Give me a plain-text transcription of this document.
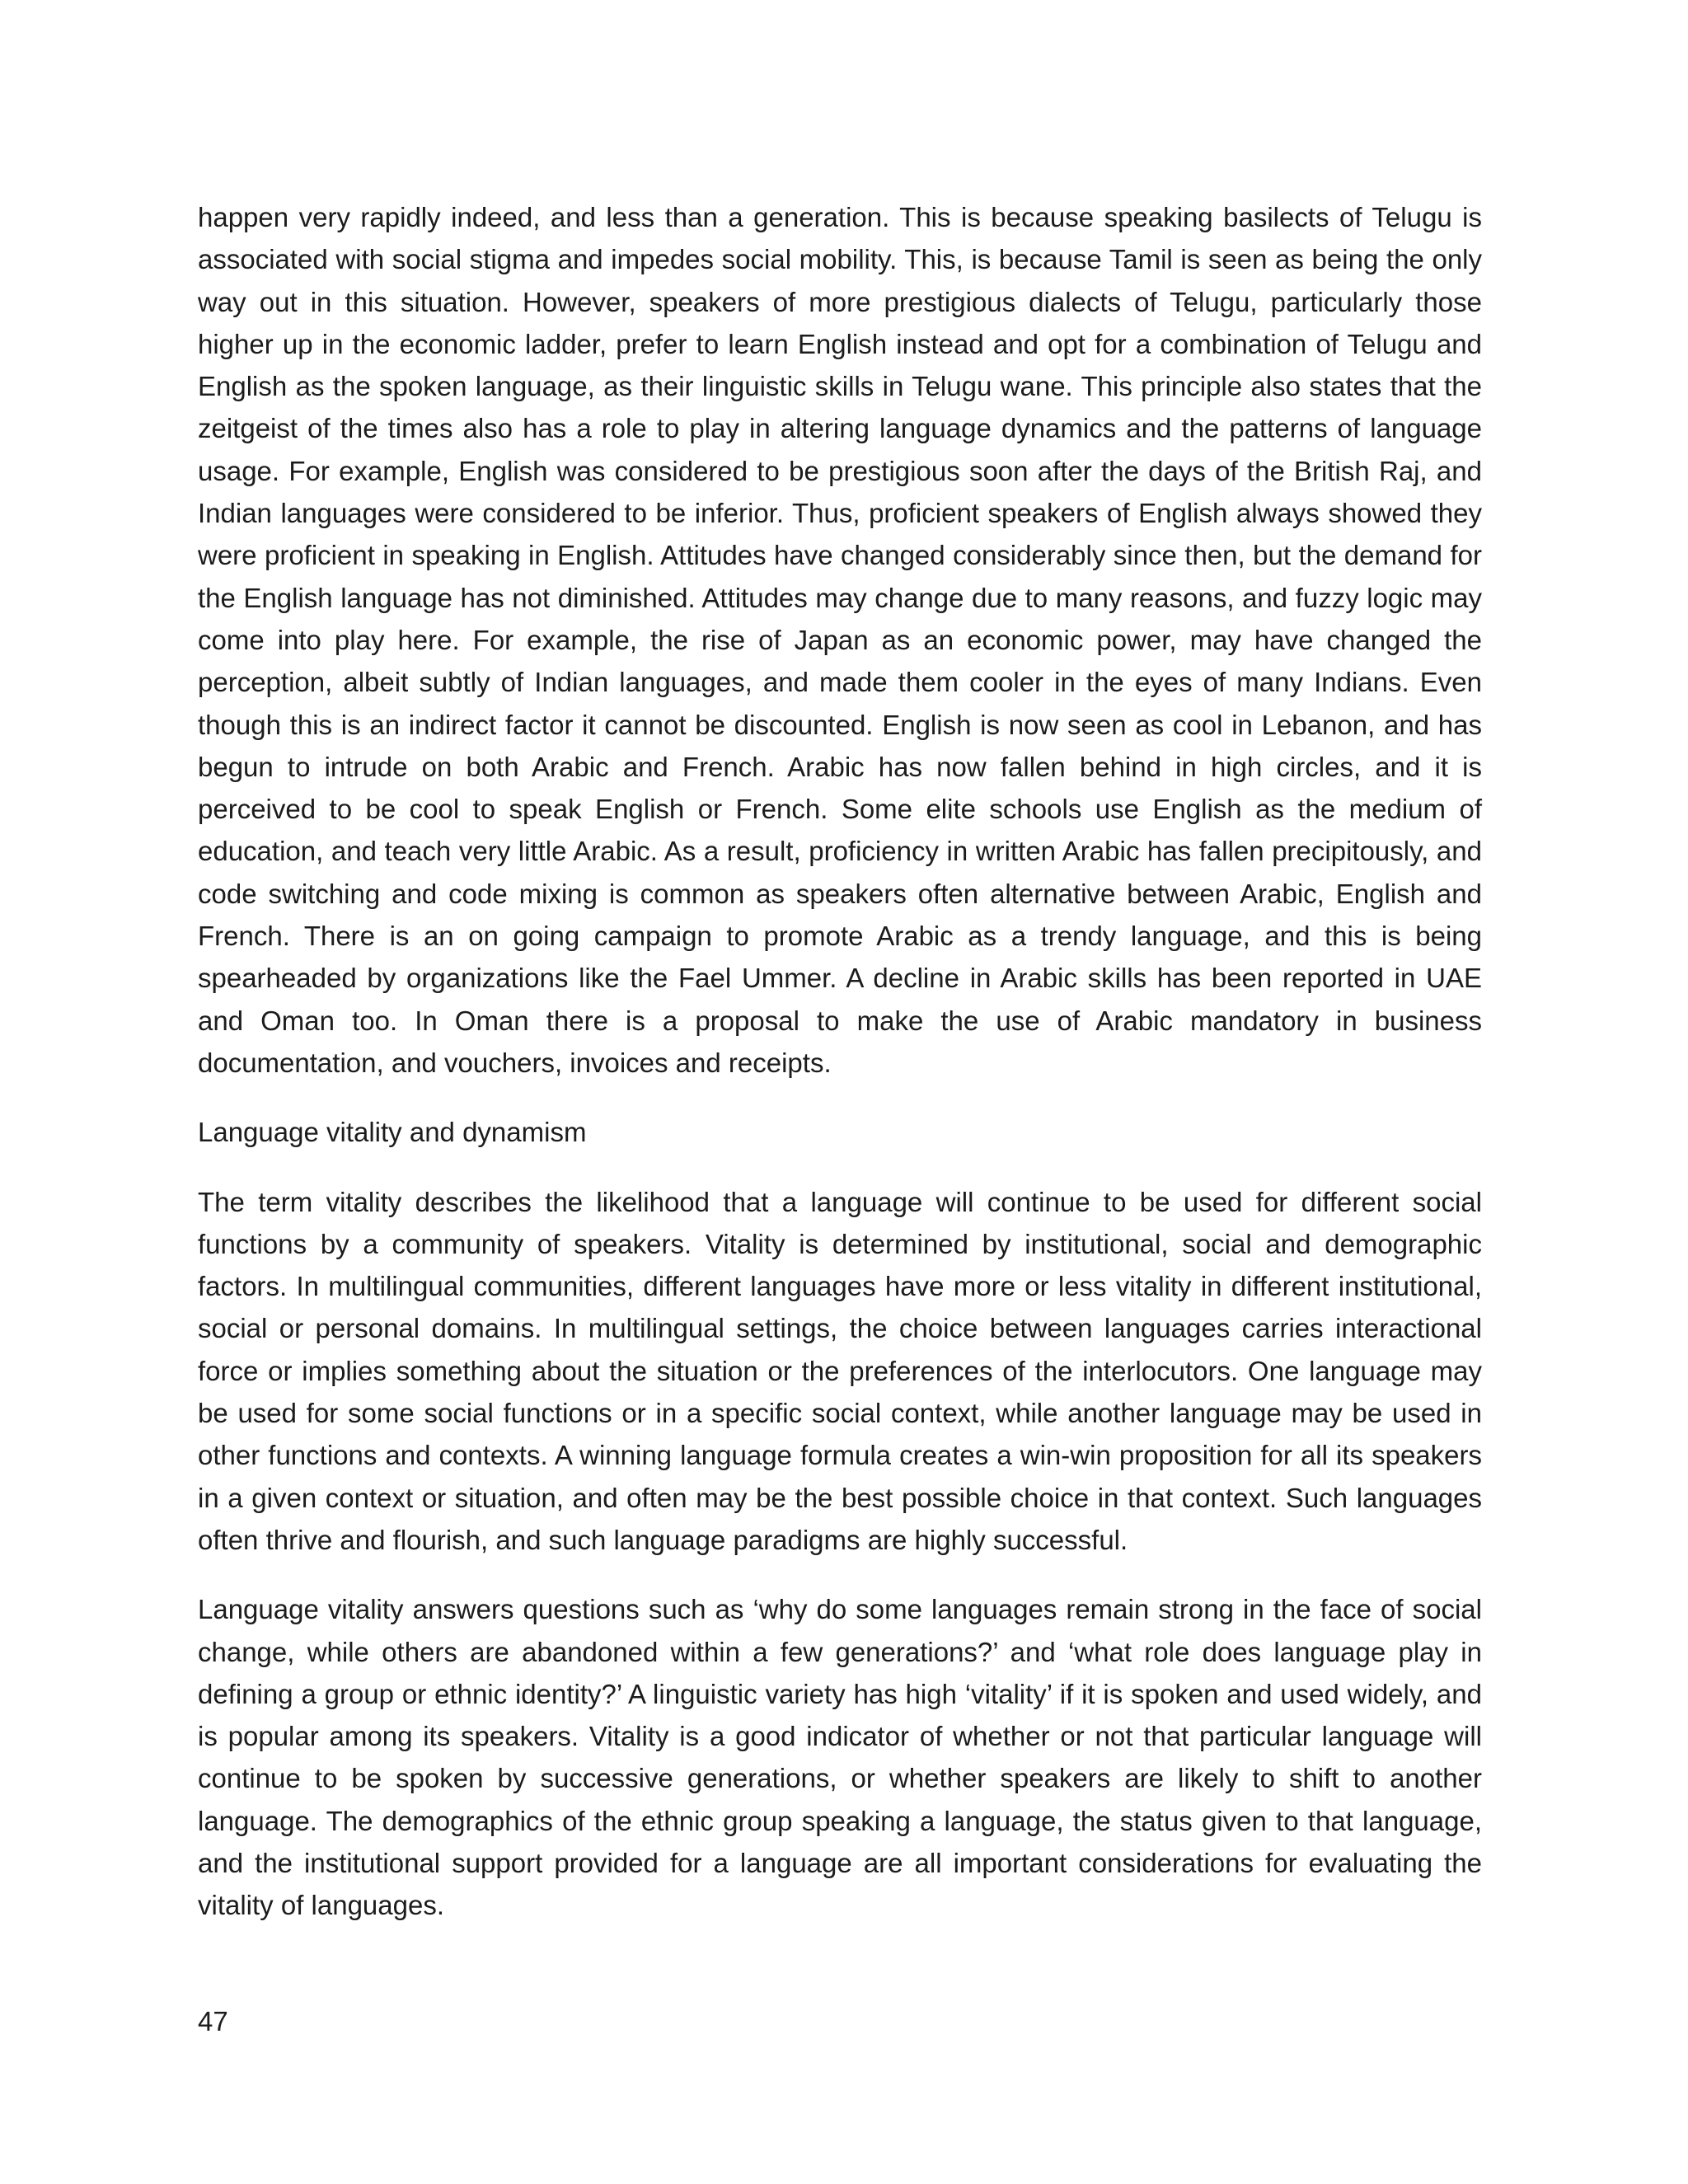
happen very rapidly indeed, and less than a generation. This is because speaking basilects of Telugu is associated with social stigma and impedes social mobility. This, is because Tamil is seen as being the only way out in this situation. However, speakers of more prestigious dialects of Telugu, particularly those higher up in the economic ladder, prefer to learn English instead and opt for a combination of Telugu and English as the spoken language, as their linguistic skills in Telugu wane. This principle also states that the zeitgeist of the times also has a role to play in altering language dynamics and the patterns of language usage. For example, English was considered to be prestigious soon after the days of the British Raj, and Indian languages were considered to be inferior. Thus, proficient speakers of English always showed they were proficient in speaking in English. Attitudes have changed considerably since then, but the demand for the English language has not diminished. Attitudes may change due to many reasons, and fuzzy logic may come into play here. For example, the rise of Japan as an economic power, may have changed the perception, albeit subtly of Indian languages, and made them cooler in the eyes of many Indians. Even though this is an indirect factor it cannot be discounted. English is now seen as cool in Lebanon, and has begun to intrude on both Arabic and French. Arabic has now fallen behind in high circles, and it is perceived to be cool to speak English or French. Some elite schools use English as the medium of education, and teach very little Arabic. As a result, proficiency in written Arabic has fallen precipitously, and code switching and code mixing is common as speakers often alternative between Arabic, English and French. There is an on going campaign to promote Arabic as a trendy language, and this is being spearheaded by organizations like the Fael Ummer. A decline in Arabic skills has been reported in UAE and Oman too. In Oman there is a proposal to make the use of Arabic mandatory in business documentation, and vouchers, invoices and receipts.

Language vitality and dynamism

The term vitality describes the likelihood that a language will continue to be used for different social functions by a community of speakers. Vitality is determined by institutional, social and demographic factors. In multilingual communities, different languages have more or less vitality in different institutional, social or personal domains. In multilingual settings, the choice between languages carries interactional force or implies something about the situation or the preferences of the interlocutors. One language may be used for some social functions or in a specific social context, while another language may be used in other functions and contexts. A winning language formula creates a win-win proposition for all its speakers in a given context or situation, and often may be the best possible choice in that context. Such languages often thrive and flourish, and such language paradigms are highly successful.

Language vitality answers questions such as ‘why do some languages remain strong in the face of social change, while others are abandoned within a few generations?’ and ‘what role does language play in defining a group or ethnic identity?’ A linguistic variety has high ‘vitality’ if it is spoken and used widely, and is popular among its speakers. Vitality is a good indicator of whether or not that particular language will continue to be spoken by successive generations, or whether speakers are likely to shift to another language. The demographics of the ethnic group speaking a language, the status given to that language, and the institutional support provided for a language are all important considerations for evaluating the vitality of languages.

47
